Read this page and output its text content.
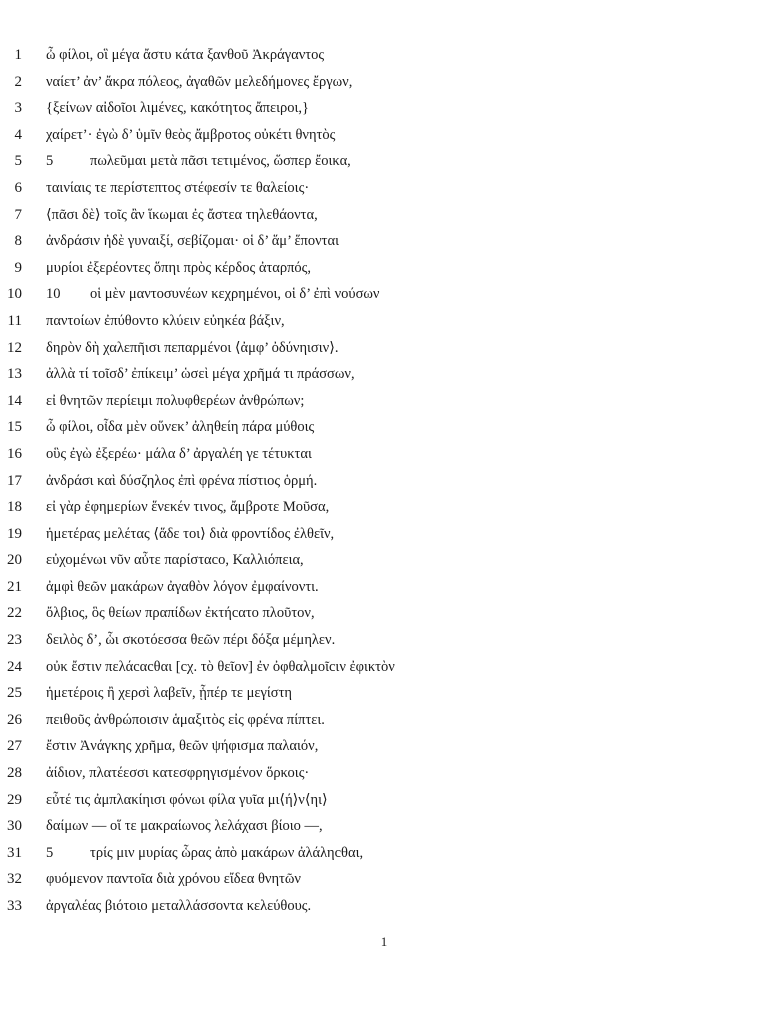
1 ὦ φίλοι, οἳ μέγα ἄστυ κάτα ξανθοῦ Ἀκράγαντος
2 ναίετ’ ἀν’ ἄκρα πόλεος, ἀγαθῶν μελεδήμονες ἔργων,
3 {ξείνων αἰδοῖοι λιμένες, κακότητος ἄπειροι,}
4 χαίρετ’· ἐγὼ δ’ ὑμῖν θεὸς ἄμβροτος οὐκέτι θνητὸς
5 5	πωλεῦμαι μετὰ πᾶσι τετιμένος, ὥσπερ ἔοικα,
6 ταινίαις τε περίστεπτος στέφεσίν τε θαλείοις·
7 ⟨πᾶσι δὲ⟩ τοῖς ἂν ἵκωμαι ἐς ἄστεα τηλεθάοντα,
8 ἀνδράσιν ἠδὲ γυναιξί, σεβίζομαι· οἱ δ’ ἅμ’ ἕπονται
9 μυρίοι ἐξερέοντες ὅπηι πρὸς κέρδος ἀταρπός,
10 10 οἱ μὲν μαντοσυνέων κεχρημένοι, οἱ δ’ ἐπὶ νούσων
11 παντοίων ἐπύθοντο κλύειν εὐηκέα βάξιν,
12 δηρὸν δὴ χαλεπῆισι πεπαρμένοι ⟨ἀμφ’ ὀδύνηισιν⟩.
13 ἀλλὰ τί τοῖσδ’ ἐπίκειμ’ ὡσεὶ μέγα χρῆμά τι πράσσων,
14 εἰ θνητῶν περίειμι πολυφθερέων ἀνθρώπων;
15 ὦ φίλοι, οἶδα μὲν οὕνεκ’ ἀληθείη πάρα μύθοις
16 οὓς ἐγὼ ἐξερέω· μάλα δ’ ἀργαλέη γε τέτυκται
17 ἀνδράσι καὶ δύσζηλος ἐπὶ φρένα πίστιος ὁρμή.
18 εἰ γὰρ ἐφημερίων ἕνεκέν τινος, ἄμβροτε Μοῦσα,
19 ἡμετέρας μελέτας ⟨ἅδε τοι⟩ διὰ φροντίδος ἐλθεῖν,
20 εὐχομένωι νῦν αὖτε παρίσταcο, Καλλιόπεια,
21 ἀμφὶ θεῶν μακάρων ἀγαθὸν λόγον ἐμφαίνοντι.
22 ὄλβιος, ὃς θείων πραπίδων ἐκτήcατο πλοῦτον,
23 δειλὸς δ’, ὧι σκοτόεσσα θεῶν πέρι δόξα μέμηλεν.
24 οὐκ ἔστιν πελάcαcθαι [cχ. τὸ θεῖον] ἐν ὀφθαλμοῖcιν ἐφικτὸν
25 ἡμετέροις ἢ χερσὶ λαβεῖν, ᾗπέρ τε μεγίστη
26 πειθοῦς ἀνθρώποισιν ἁμαξιτὸς εἰς φρένα πίπτει.
27 ἔστιν Ἀνάγκης χρῆμα, θεῶν ψήφισμα παλαιόν,
28 ἀίδιον, πλατέεσσι κατεσφρηγισμένον ὅρκοις·
29 εὖτέ τις ἀμπλακίηισι φόνωι φίλα γυῖα μι⟨ή⟩ν⟨ηι⟩
30 δαίμων — οἵ τε μακραίωνος λελάχασι βίοιο —,
31 5	τρίς μιν μυρίας ὧρας ἀπὸ μακάρων ἀλάληcθαι,
32 φυόμενον παντοῖα διὰ χρόνου εἴδεα θνητῶν
33 ἀργαλέας βιότοιο μεταλλάσσοντα κελεύθους.
1
